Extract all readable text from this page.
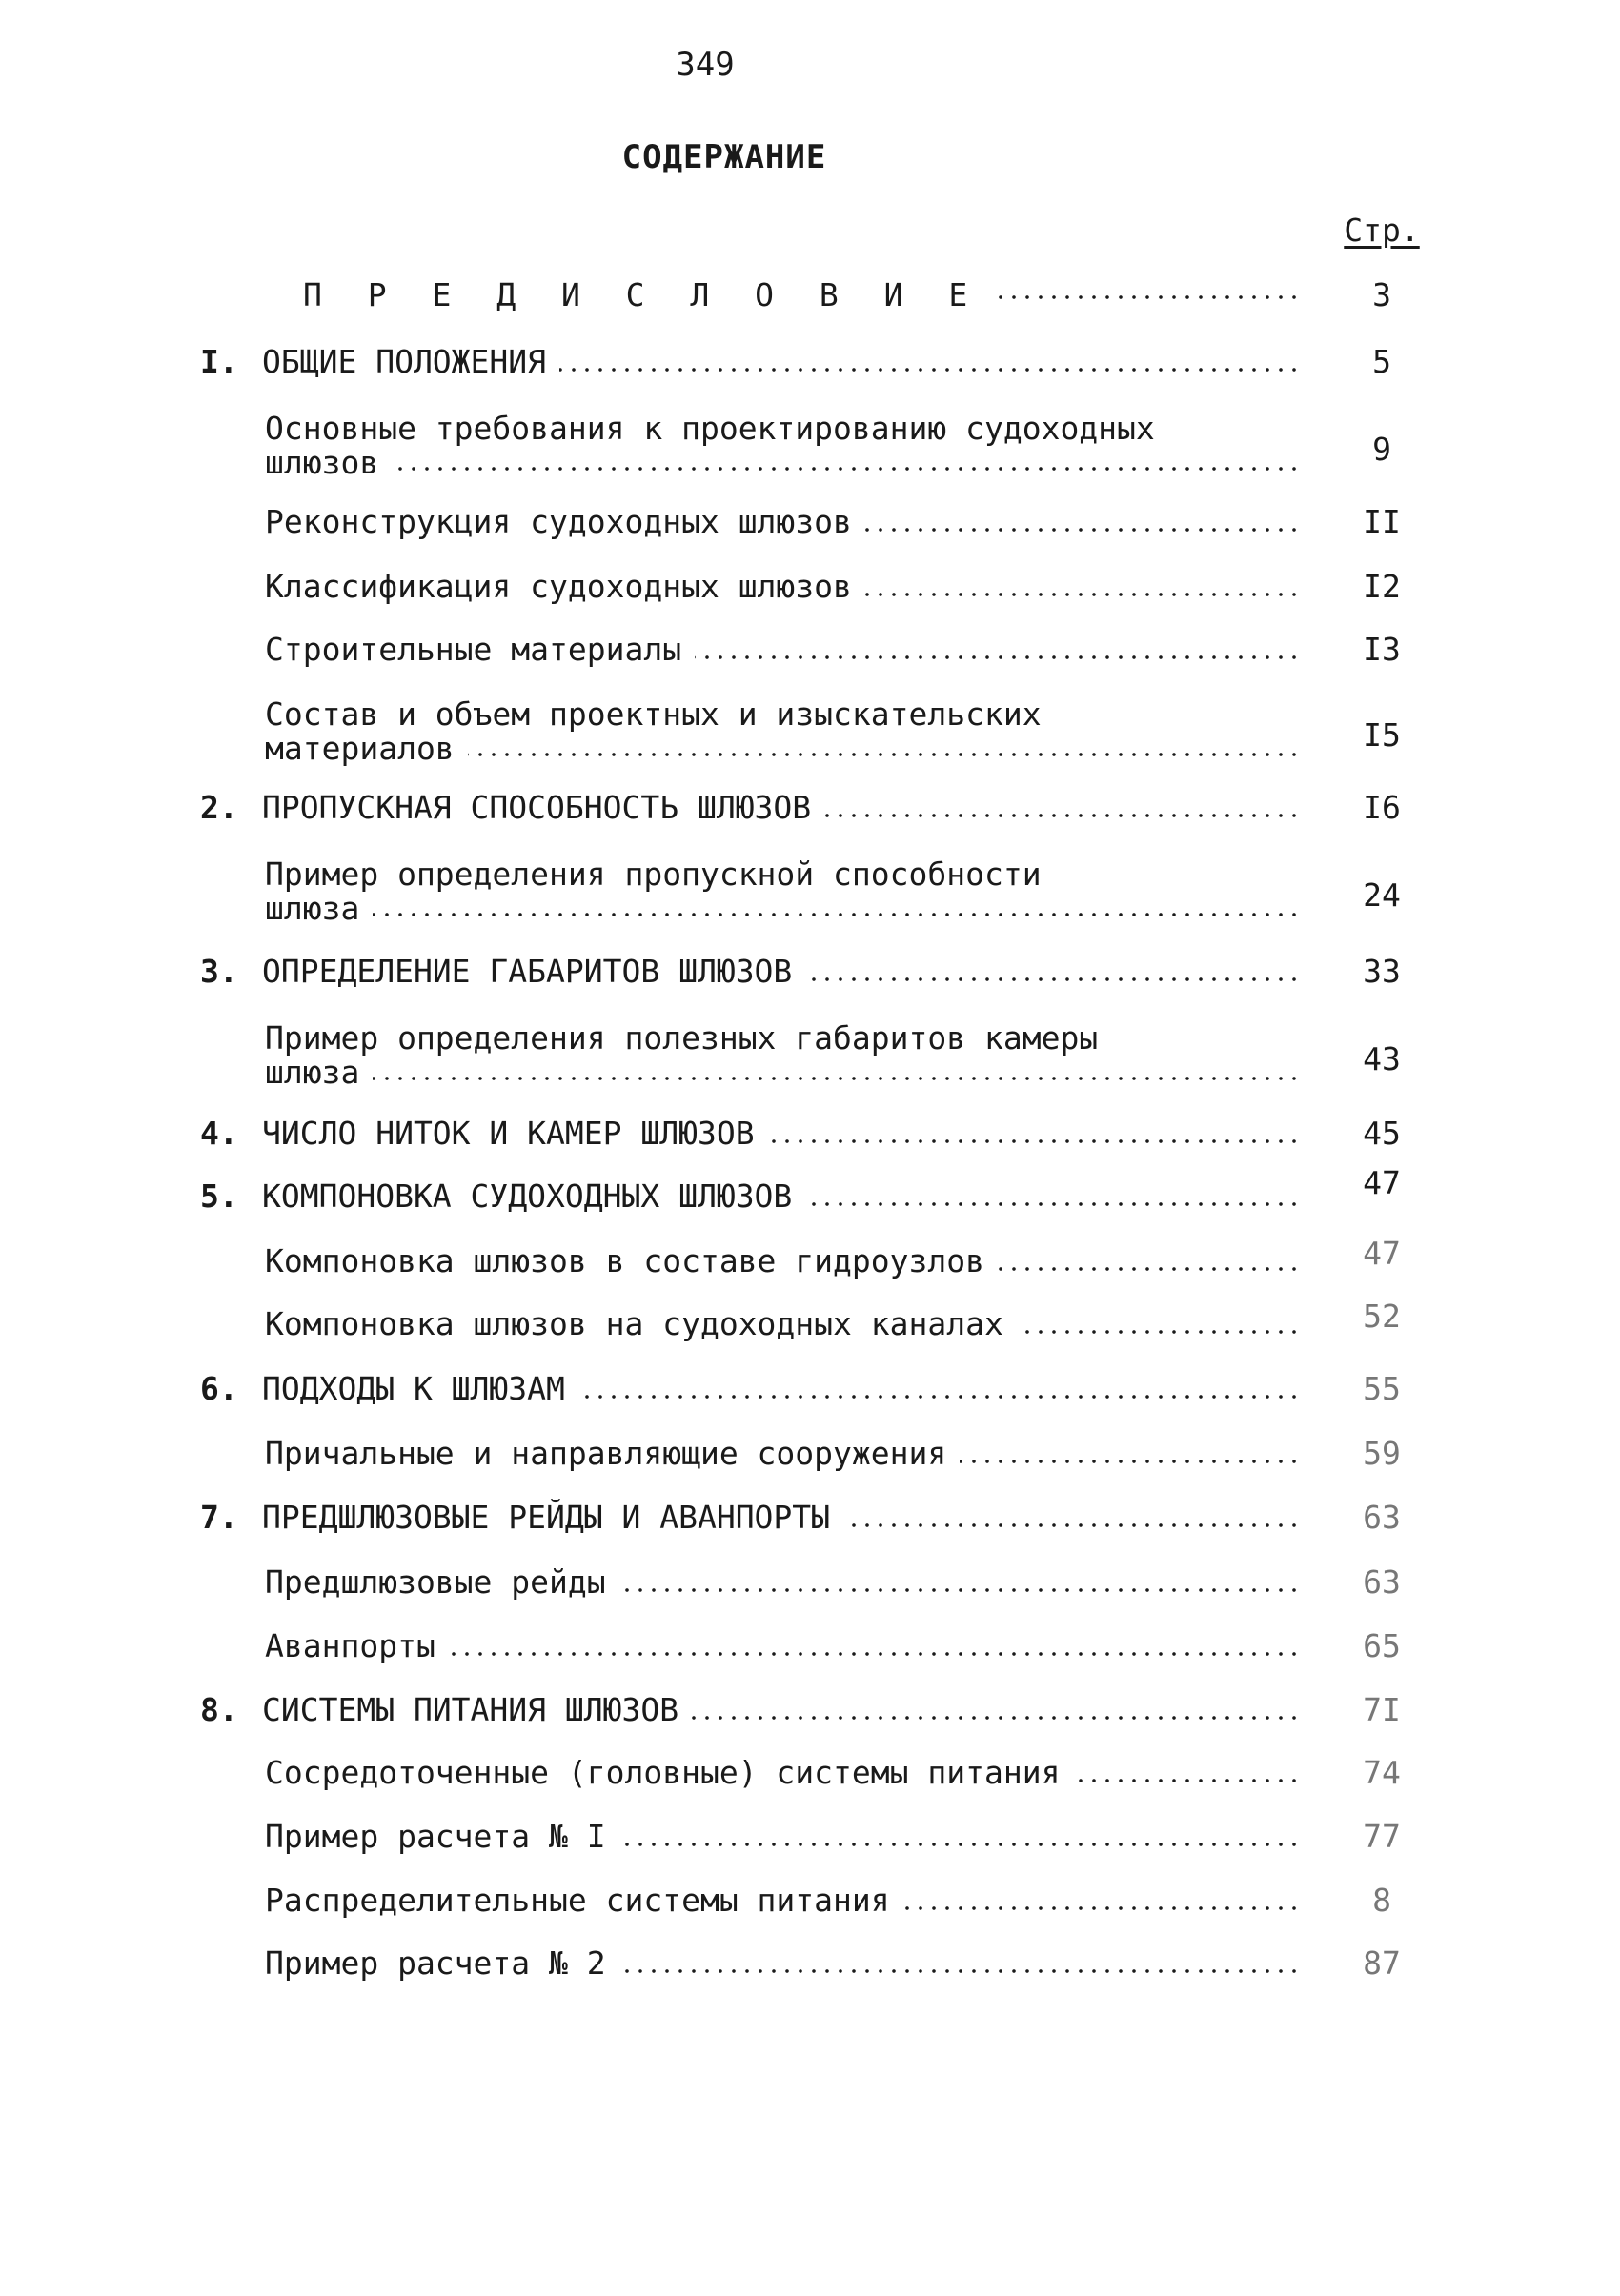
349
СОДЕРЖАНИЕ
Стр.
П Р Е Д И С Л О В И Е	3
I. ОБЩИЕ ПОЛОЖЕНИЯ	5
Основные требования к проектированию судоходных
шлюзов	9
Реконструкция судоходных шлюзов	II
Классификация судоходных шлюзов	I2
Строительные материалы	I3
Состав и объем проектных и изыскательских
материалов	I5
2. ПРОПУСКНАЯ СПОСОБНОСТЬ ШЛЮЗОВ	I6
Пример определения пропускной способности
шлюза	24
3. ОПРЕДЕЛЕНИЕ ГАБАРИТОВ ШЛЮЗОВ	33
Пример определения полезных габаритов камеры
шлюза	43
4. ЧИСЛО НИТОК И КАМЕР ШЛЮЗОВ	45
5. КОМПОНОВКА СУДОХОДНЫХ ШЛЮЗОВ	47
Компоновка шлюзов в составе гидроузлов	47
Компоновка шлюзов на судоходных каналах	52
6. ПОДХОДЫ К ШЛЮЗАМ	55
Причальные и направляющие сооружения	59
7. ПРЕДШЛЮЗОВЫЕ РЕЙДЫ И АВАНПОРТЫ	63
Предшлюзовые рейды	63
Аванпорты	65
8. СИСТЕМЫ ПИТАНИЯ ШЛЮЗОВ	7I
Сосредоточенные (головные) системы питания	74
Пример расчета № I	77
Распределительные системы питания	8
Пример расчета № 2	87
